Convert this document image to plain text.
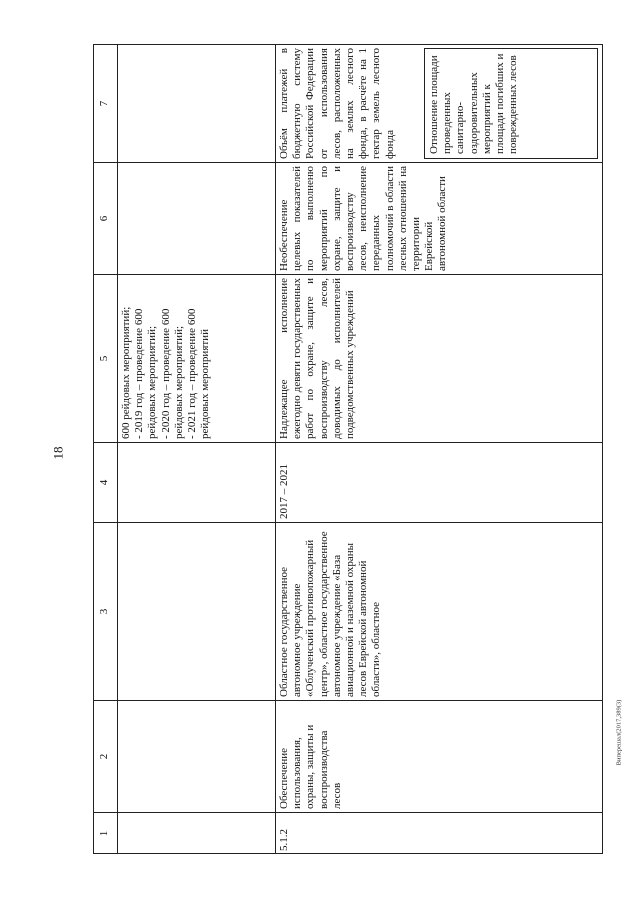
18
1
2
3
4
5
6
7
600 рейдовых мероприятий;
- 2019 год – проведение 600 рейдовых мероприятий;
- 2020 год – проведение 600 рейдовых мероприятий;
- 2021 год – проведение 600 рейдовых мероприятий
5.1.2
Обеспечение использования, охраны, защиты и воспроизводства лесов
Областное государственное автономное учреждение «Облученский противопожарный центр», областное государственное автономное учреждение «База авиационной и наземной охраны лесов Еврейской автономной области», областное
2017 – 2021
Надлежащее исполнение ежегодно девяти государственных работ по охране, защите и воспроизводству лесов, доводимых до исполнителей подведомственных учреждений
Необеспечение целевых показателей по выполненю мероприятий по охране, защите и воспроизводству лесов, неисполнение переданных полномочий в области лесных отношений на территории Еврейской автономной области
Объём платежей в бюджетную систему Российской Федерации от использования лесов, расположенных на землях лесного фонда, в расчёте на 1 гектар земель лесного фонда	Отношение площади проведенных санитарно-оздоровительных мероприятий к площади погибших и поврежденных лесов
Виперешал(2017,389(3)
